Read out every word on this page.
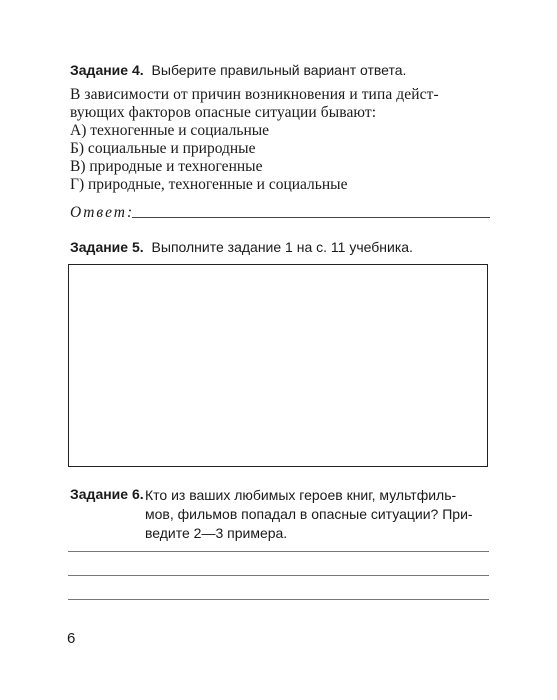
Задание 4. Выберите правильный вариант ответа.
В зависимости от причин возникновения и типа дейст-
вующих факторов опасные ситуации бывают:
А) техногенные и социальные
Б) социальные и природные
В) природные и техногенные
Г) природные, техногенные и социальные
Ответ:
Задание 5. Выполните задание 1 на с. 11 учебника.
Задание 6. Кто из ваших любимых героев книг, мультфиль-
мов, фильмов попадал в опасные ситуации? При-
ведите 2—3 примера.
6
